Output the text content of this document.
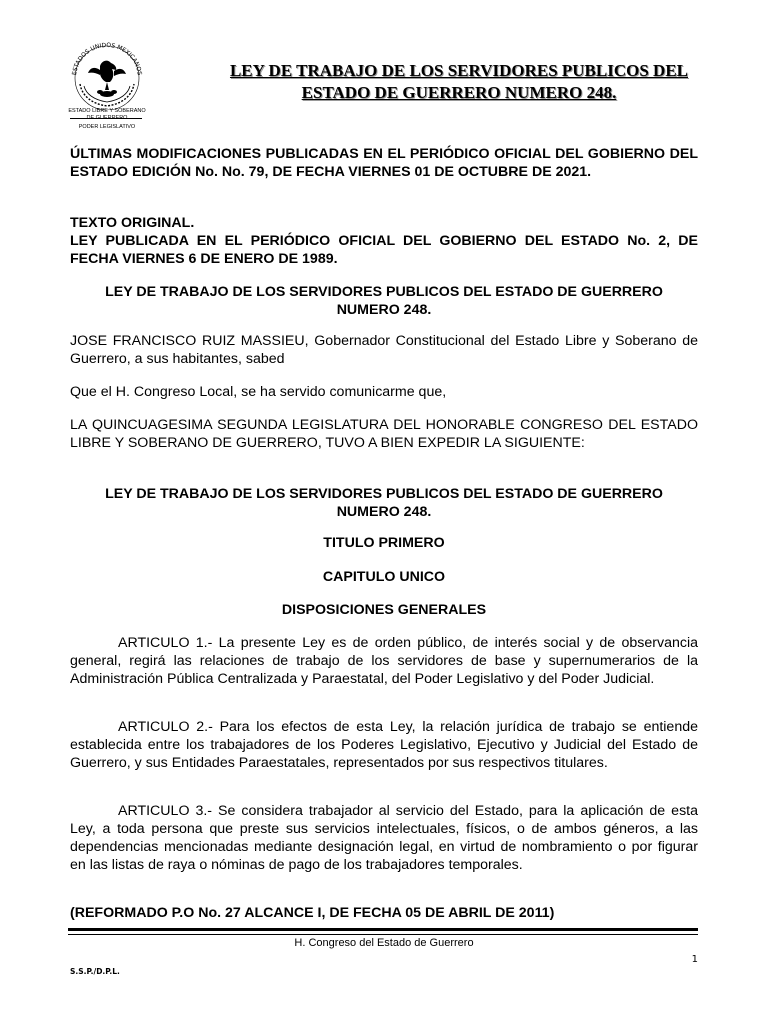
ESTADOS UNIDOS MEXICANOS
ESTADO LIBRE Y SOBERANO
DE GUERRERO
PODER LEGISLATIVO
LEY DE TRABAJO DE LOS SERVIDORES PUBLICOS DEL
ESTADO DE GUERRERO NUMERO 248.
ÚLTIMAS MODIFICACIONES PUBLICADAS EN EL PERIÓDICO OFICIAL DEL GOBIERNO DEL ESTADO EDICIÓN No. No. 79, DE FECHA VIERNES 01 DE OCTUBRE DE 2021.
TEXTO ORIGINAL.
LEY PUBLICADA EN EL PERIÓDICO OFICIAL DEL GOBIERNO DEL ESTADO No. 2, DE FECHA VIERNES 6 DE ENERO DE 1989.
LEY DE TRABAJO DE LOS SERVIDORES PUBLICOS DEL ESTADO DE GUERRERO NUMERO 248.
JOSE FRANCISCO RUIZ MASSIEU, Gobernador Constitucional del Estado Libre y Soberano de Guerrero, a sus habitantes, sabed
Que el H. Congreso Local, se ha servido comunicarme que,
LA QUINCUAGESIMA SEGUNDA LEGISLATURA DEL HONORABLE CONGRESO DEL ESTADO LIBRE Y SOBERANO DE GUERRERO, TUVO A BIEN EXPEDIR LA SIGUIENTE:
LEY DE TRABAJO DE LOS SERVIDORES PUBLICOS DEL ESTADO DE GUERRERO NUMERO 248.
TITULO PRIMERO
CAPITULO UNICO
DISPOSICIONES GENERALES
ARTICULO 1.- La presente Ley es de orden público, de interés social y de observancia general, regirá las relaciones de trabajo de los servidores de base y supernumerarios de la Administración Pública Centralizada y Paraestatal, del Poder Legislativo y del Poder Judicial.
ARTICULO 2.- Para los efectos de esta Ley, la relación jurídica de trabajo se entiende establecida entre los trabajadores de los Poderes Legislativo, Ejecutivo y Judicial del Estado de Guerrero, y sus Entidades Paraestatales, representados por sus respectivos titulares.
ARTICULO 3.- Se considera trabajador al servicio del Estado, para la aplicación de esta Ley, a toda persona que preste sus servicios intelectuales, físicos, o de ambos géneros, a las dependencias mencionadas mediante designación legal, en virtud de nombramiento o por figurar en las listas de raya o nóminas de pago de los trabajadores temporales.
(REFORMADO P.O No. 27 ALCANCE I, DE FECHA 05 DE ABRIL DE 2011)
H. Congreso del Estado de Guerrero
1
S.S.P./D.P.L.
